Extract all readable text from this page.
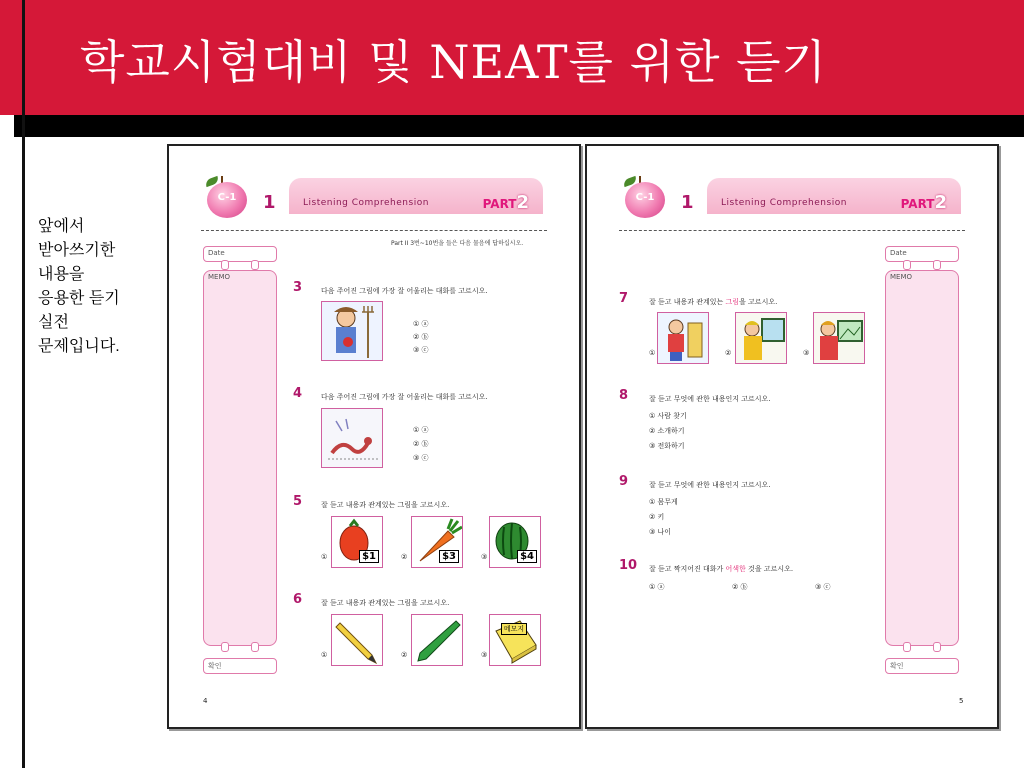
학교시험대비 및 NEAT를 위한 듣기
앞에서
받아쓰기한
내용을
응용한 듣기
실전
문제입니다.
C-1	1	Listening Comprehension	PART2
Part II 3번~10번을 들은 다음 물음에 답하십시오.
Date
MEMO
확인
3	다음 주어진 그림에 가장 잘 어울리는 대화를 고르시오.
① ⓐ
② ⓑ
③ ⓒ
4	다음 주어진 그림에 가장 잘 어울리는 대화를 고르시오.
① ⓐ
② ⓑ
③ ⓒ
5	잘 듣고 내용과 관계있는 그림을 고르시오.
①	$1	②	$3	③	$4
6	잘 듣고 내용과 관계있는 그림을 고르시오.
①	②	③
메모지
4
C-1	1	Listening Comprehension	PART2
Date
MEMO
확인
7	잘 듣고 내용과 관계있는 그림을 고르시오.
①	②	③
8	잘 듣고 무엇에 관한 내용인지 고르시오.
① 사람 찾기
② 소개하기
③ 전화하기
9	잘 듣고 무엇에 관한 내용인지 고르시오.
① 몸무게
② 키
③ 나이
10 잘 듣고 짝지어진 대화가 어색한 것을 고르시오.
① ⓐ	② ⓑ	③ ⓒ
5
